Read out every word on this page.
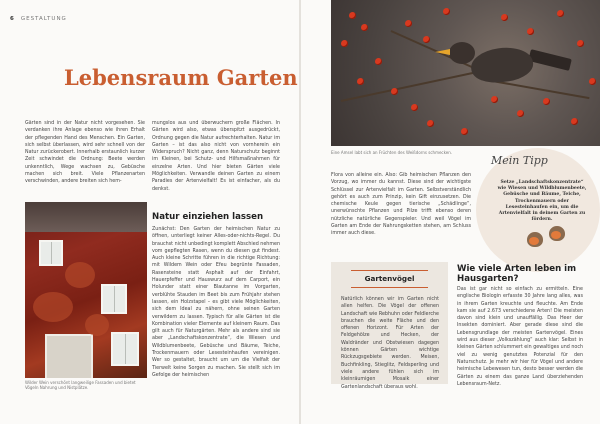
6 GESTALTUNG
Lebensraum Garten

Gärten sind in der Natur nicht vorgesehen. Sie verdanken ihre Anlage ebenso wie ihren Erhalt der pflegenden Hand des Menschen. Ein Garten, sich selbst überlassen, wird sehr schnell von der Natur zurückerobert. Innerhalb erstaunlich kurzer Zeit schwindet die Ordnung: Beete werden unkenntlich, Wege wachsen zu, Gebüsche machen sich breit. Viele Pflanzenarten verschwinden, andere breiten sich hem-

mungslos aus und überwuchern große Flächen. In Gärten wird also, etwas überspitzt ausgedrückt, Ordnung gegen die Natur aufrechterhalten. Natur im Garten – ist das also nicht von vornherein ein Widerspruch? Nicht ganz, denn Naturschutz beginnt im Kleinen, bei Schutz- und Hilfsmaßnahmen für einzelne Arten. Und hier bieten Gärten viele Möglichkeiten. Verwandle deinen Garten zu einem Paradies der Artenvielfalt! Es ist einfacher, als du denkst.

Wilder Wein verschönt langweilige Fassaden und bietet Vögeln Nahrung und Nistplätze.
Natur einziehen lassen

Zunächst: Den Garten der heimischen Natur zu öffnen, unterliegt keiner Alles-oder-nichts-Regel. Du brauchst nicht unbedingt komplett Abschied nehmen vom gepflegten Rasen, wenn du diesen gut findest. Auch kleine Schritte führen in die richtige Richtung: mit Wildem Wein oder Efeu begrünte Fassaden, Rasensteine statt Asphalt auf der Einfahrt, Hauerpfeffer und Hauswurz auf dem Carport, ein Holunder statt einer Blautanne im Vorgarten, verblühte Stauden im Beet bis zum Frühjahr stehen lassen, ein Holzstapel – es gibt viele Möglichkeiten, sich dem Ideal zu nähern, ohne seinen Garten verwildern zu lassen. Typisch für alle Gärten ist die Kombination vieler Elemente auf kleinem Raum. Das gilt auch für Naturgärten. Mehr als andere sind sie aber „Landschaftskonzentrate“, die Wiesen und Wildblumenbeete, Gebüsche und Bäume, Teiche, Trockenmauern oder Lesesteinhaufen vereinigen. Wer so gestaltet, braucht um um die Vielfalt der Tierwelt keine Sorgen zu machen. Sie stellt sich im Gefolge der heimischen

Eine Amsel labt sich an Früchten des Weißdorns schmecken.

Flora von alleine ein. Also: Gib heimischen Pflanzen den Vorzug, wo immer du kannst. Diese sind der wichtigste Schlüssel zur Artenvielfalt im Garten. Selbstverständlich gehört es auch zum Prinzip, kein Gift einzusetzen. Die chemische Keule gegen tierische „Schädlinge“, unerwünschte Pflanzen und Pilze trifft ebenso deren nützliche natürliche Gegenspieler. Und weil Vögel im Garten am Ende der Nahrungsketten stehen, am Schluss immer auch diese.

Mein Tipp
Setze „Landschaftskonzentrate“ wie Wiesen und Wildblumenbeete, Gebüsche und Bäume, Teiche, Trockenmauern oder Lesesteinhaufen ein, um die Artenvielfalt in deinem Garten zu fördern.
Gartenvögel

Natürlich können wir im Garten nicht allen helfen. Die Vögel der offenen Landschaft wie Rebhuhn oder Feldlerche brauchen die weite Fläche und den offenen Horizont. Für Arten der Feldgehölze und Hecken, der Waldränder und Obstwiesen dagegen können Gärten wichtige Rückzugsgebiete werden. Meisen, Buchfinkling, Stieglitz, Feldsperling und viele andere fühlen sich im kleinräumigen Mosaik einer Gartenlandschaft überaus wohl.

Wie viele Arten leben im Hausgarten?

Das ist gar nicht so einfach zu ermitteln. Eine englische Biologin erfasste 30 Jahre lang alles, was in ihrem Garten kreuchte und fleuchte. Am Ende kam sie auf 2.673 verschiedene Arten! Die meisten davon sind klein und unauffällig. Das Heer der Insekten dominiert. Aber gerade diese sind die Lebensgrundlage der meisten Gartenvögel. Eines wird aus dieser „Volkszählung“ auch klar: Selbst in kleinen Gärten schlummert ein gewaltiges und noch viel zu wenig genutztes Potenzial für den Naturschutz. Je mehr wir hier für Vögel und andere heimische Lebewesen tun, desto besser werden die Gärten zu einem das ganze Land überziehenden Lebensraum-Netz.
